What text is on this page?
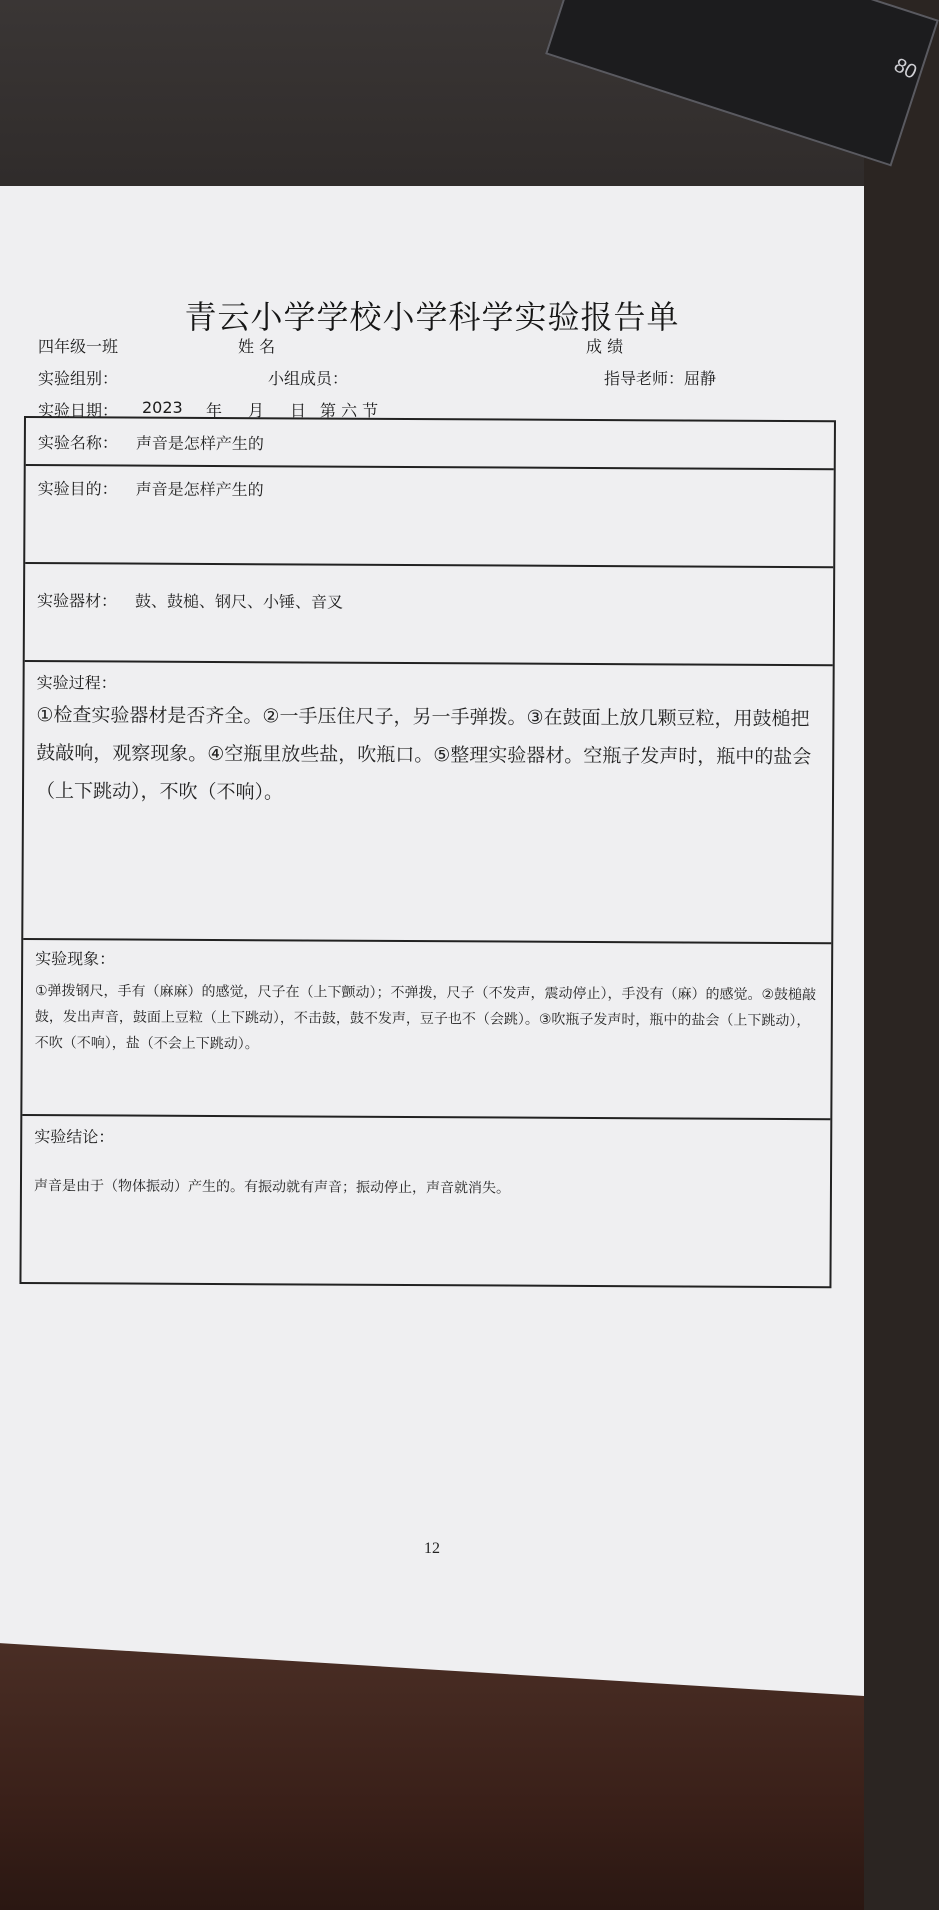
80
青云小学学校小学科学实验报告单
四年级一班	姓 名	成 绩
实验组别：	小组成员：	指导老师：屈静
实验日期： 2023 年 月 日 第 六 节
实验名称： 声音是怎样产生的
实验目的： 声音是怎样产生的
实验器材： 鼓、鼓槌、钢尺、小锤、音叉
实验过程：
①检查实验器材是否齐全。②一手压住尺子，另一手弹拨。③在鼓面上放几颗豆粒，用鼓槌把鼓敲响，观察现象。④空瓶里放些盐，吹瓶口。⑤整理实验器材。空瓶子发声时，瓶中的盐会（上下跳动），不吹（不响）。
实验现象：
①弹拨钢尺，手有（麻麻）的感觉，尺子在（上下颤动）；不弹拨，尺子（不发声，震动停止），手没有（麻）的感觉。②鼓槌敲鼓，发出声音，鼓面上豆粒（上下跳动），不击鼓，鼓不发声，豆子也不（会跳）。③吹瓶子发声时，瓶中的盐会（上下跳动），不吹（不响），盐（不会上下跳动）。
实验结论：
声音是由于（物体振动）产生的。有振动就有声音；振动停止，声音就消失。
12
